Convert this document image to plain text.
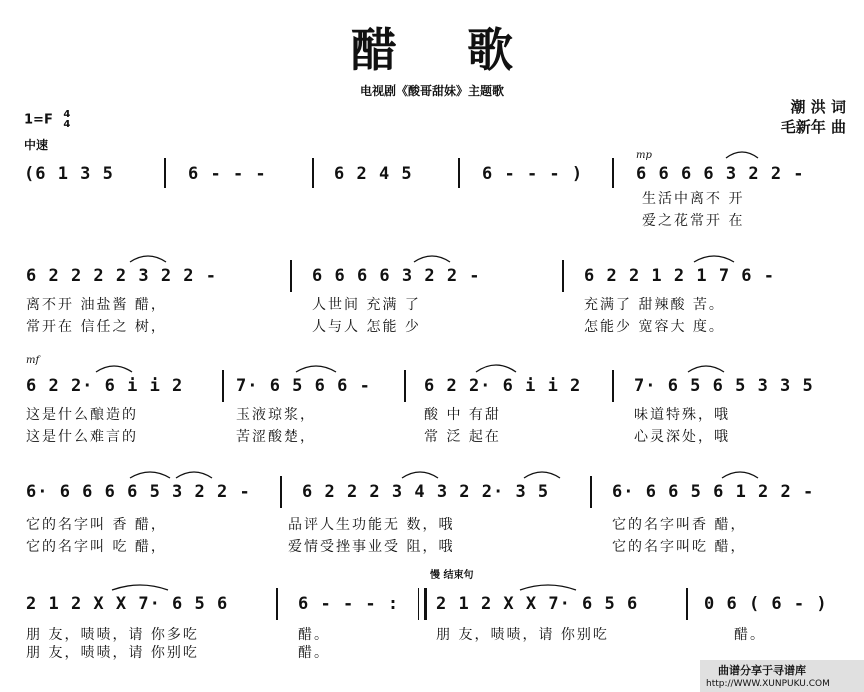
醋歌
电视剧《酸哥甜妹》主题歌
潮 洪 词
毛新年 曲
1=F 4
4
中速
mp
mf
慢 结束句
(6 1 3 5	6 - - -	6 2 4 5	6 - - - )	6 6 6 6 3 2 2 -
生活中离不 开
爱之花常开 在
6 2 2 2 2 3 2 2 -	6 6 6 6 3 2 2 -	6 2 2 1 2 1 7 6 -
离不开 油盐酱 醋，	人世间 充满 了	充满了 甜辣酸 苦。
常开在 信任之 树，	人与人 怎能 少	怎能少 宽容大 度。
6 2 2· 6 i i 2	7· 6 5 6 6 -	6 2 2· 6 i i 2	7· 6 5 6 5 3 3 5
这是什么酿造的	玉液琼浆，	酸 中 有甜	味道特殊，哦
这是什么难言的	苦涩酸楚，	常 泛 起在	心灵深处，哦
6· 6 6 6 6 5 3 2 2 -	6 2 2 2 3 4 3 2 2· 3 5	6· 6 6 5 6 1 2 2 -
它的名字叫 香 醋，	品评人生功能无 数，哦	它的名字叫香 醋，
它的名字叫 吃 醋，	爱情受挫事业受 阻，哦	它的名字叫吃 醋，
2 1 2 X X 7· 6 5 6	6 - - - : 2 1 2 X X 7· 6 5 6	0 6 ( 6 - )
朋 友，啧啧，请 你多吃	醋。	朋 友，啧啧，请 你别吃	醋。
朋 友，啧啧，请 你别吃	醋。
曲谱分享于寻谱库
http://WWW.XUNPUKU.COM
